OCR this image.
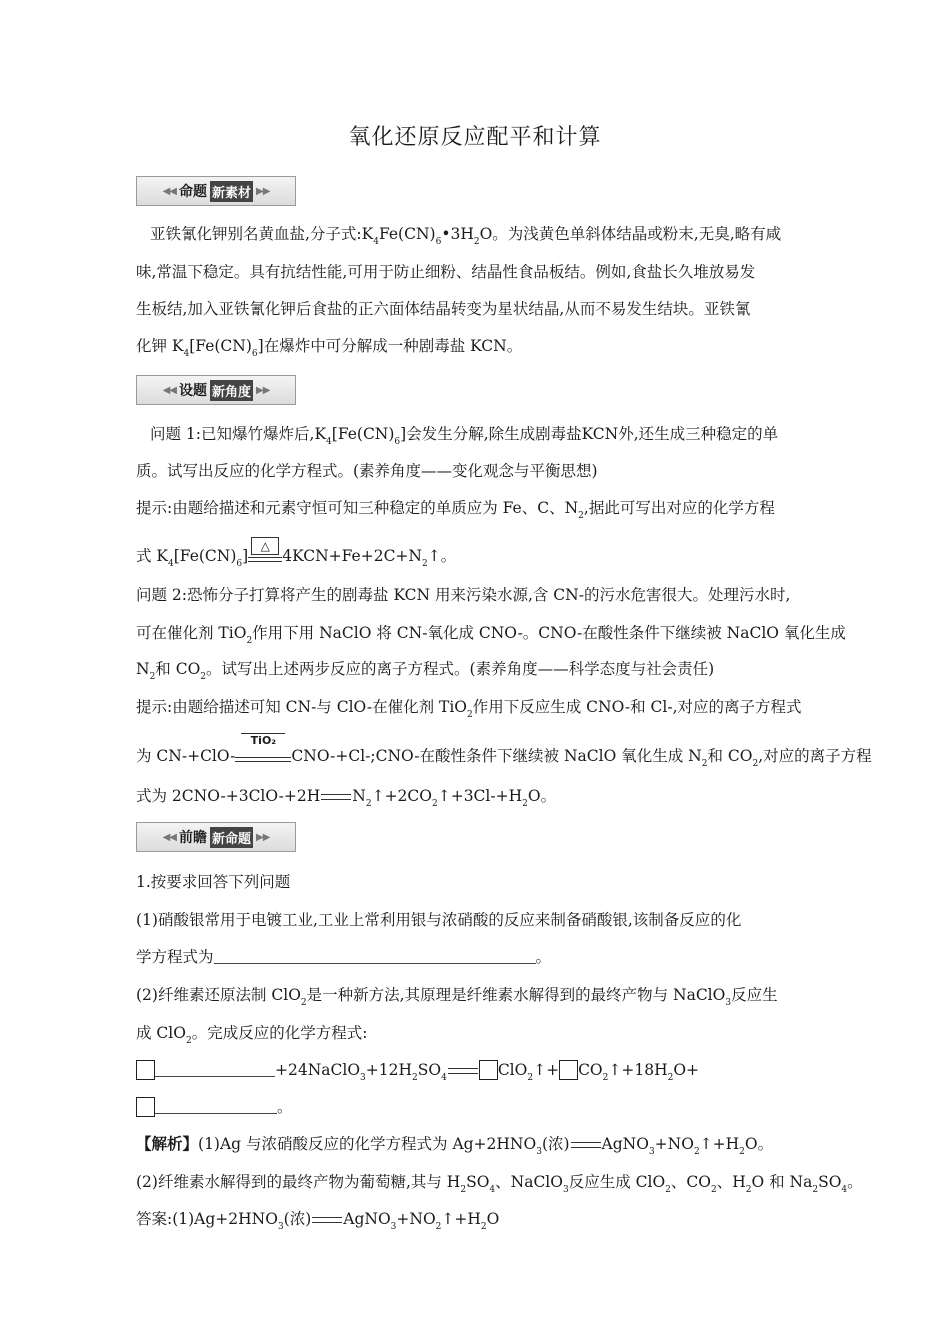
氧化还原反应配平和计算
◀◀ 命题 新素材 ▶▶
亚铁氰化钾别名黄血盐,分子式$:K_4Fe(CN)_6•3H_2O$。为浅黄色单斜体结晶或粉末,无臭,略有咸
味,常温下稳定。具有抗结性能,可用于防止细粉、结晶性食品板结。例如,食盐长久堆放易发
生板结,加入亚铁氰化钾后食盐的正六面体结晶转变为星状结晶,从而不易发生结块。亚铁氰
化钾 $K_4[Fe(CN)_6]$在爆炸中可分解成一种剧毒盐 KCN。
◀◀ 设题 新角度 ▶▶
问题 1:已知爆竹爆炸后$,K_4[Fe(CN)_6]$会发生分解,除生成剧毒盐KCN外,还生成三种稳定的单
质。试写出反应的化学方程式。(素养角度——变化观念与平衡思想)
提示:由题给描述和元素守恒可知三种稳定的单质应为 Fe、C、$N_2$,据此可写出对应的化学方程
式 $K_4[Fe(CN)_6]$
△
$4KCN+Fe+2C+N_2↑$。
问题 2:恐怖分子打算将产生的剧毒盐 KCN 用来污染水源,含 CN-的污水危害很大。处理污水时,
可在催化剂 TiO$_2$作用下用 NaClO 将 CN-氧化成 CNO-。CNO-在酸性条件下继续被 NaClO 氧化生成
$N_2$和 $CO_2$。试写出上述两步反应的离子方程式。(素养角度——科学态度与社会责任)
提示:由题给描述可知 CN-与 ClO-在催化剂 TiO$_2$作用下反应生成 CNO-和 Cl-,对应的离子方程式
为 CN-+ClO-
TiO₂
CNO-+Cl-;CNO-在酸性条件下继续被 NaClO 氧化生成 $N_2$和 $CO_2$,对应的离子方程
式为 2CNO-+3ClO-+2H $N_2↑+2CO_2↑+3Cl-+H_2O$。
◀◀ 前瞻 新命题 ▶▶
1.按要求回答下列问题
(1)硝酸银常用于电镀工业,工业上常利用银与浓硝酸的反应来制备硝酸银,该制备反应的化
学方程式为	。
(2)纤维素还原法制 ClO$_2$是一种新方法,其原理是纤维素水解得到的最终产物与 NaClO$_3$反应生
成 ClO$_2$。完成反应的化学方程式:
$+24NaClO_3+12H_2SO_4$	ClO$_2$↑+ $CO_2↑+18H_2O+$
。
【解析】(1)Ag 与浓硝酸反应的化学方程式为 $Ag+2HNO_3$(浓) $AgNO_3+NO_2↑+H_2O$。
(2)纤维素水解得到的最终产物为葡萄糖,其与 $H_2SO_4$、NaClO$_3$反应生成 ClO$_2$、$CO_2$、$H_2O$ 和 $Na_2SO_4$。
答案$:(1)Ag+2HNO_3$(浓) $AgNO_3+NO_2↑+H_2O$
